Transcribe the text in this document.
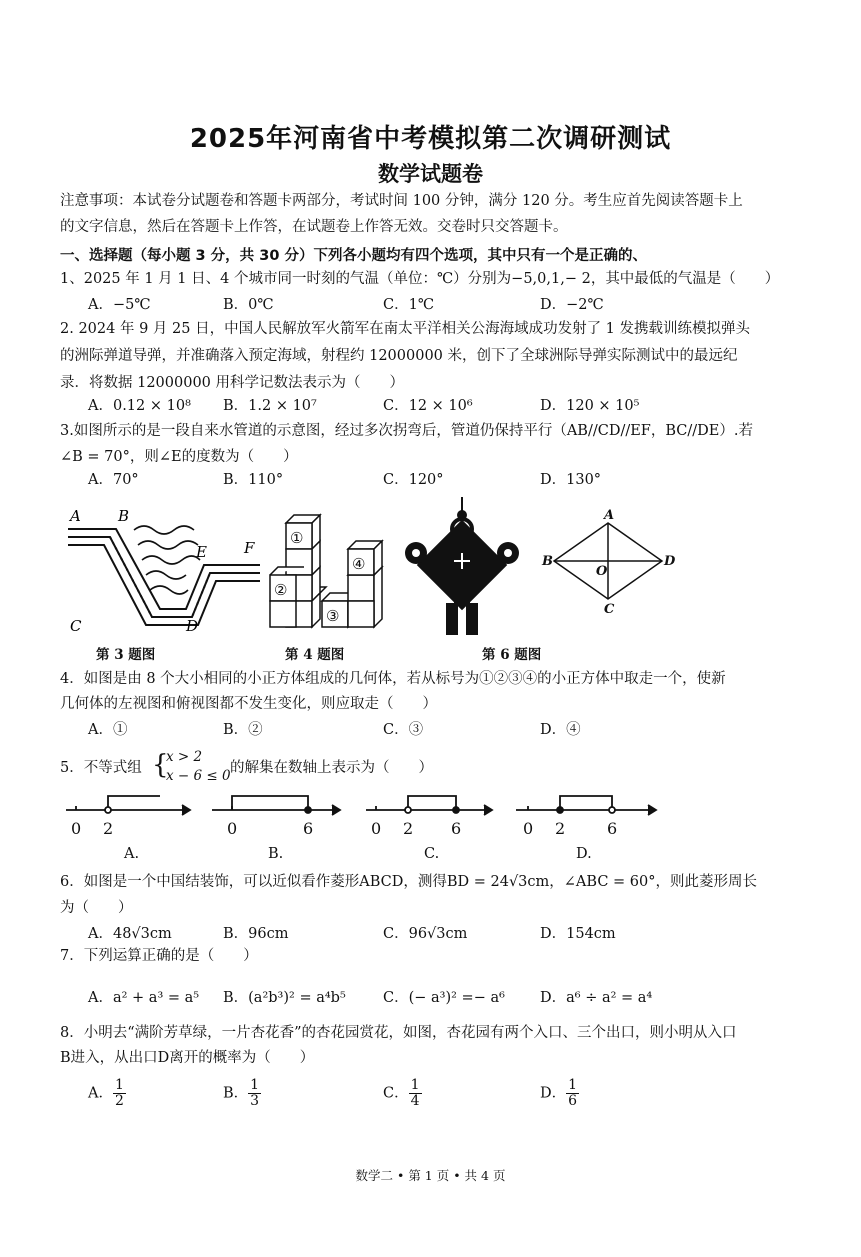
2025年河南省中考模拟第二次调研测试
数学试题卷
注意事项：本试卷分试题卷和答题卡两部分，考试时间 100 分钟，满分 120 分。考生应首先阅读答题卡上
的文字信息，然后在答题卡上作答，在试题卷上作答无效。交卷时只交答题卡。
一、选择题（每小题 3 分，共 30 分）下列各小题均有四个选项，其中只有一个是正确的、
1、2025 年 1 月 1 日、4 个城市同一时刻的气温（单位：℃）分别为−5,0,1,− 2，其中最低的气温是（　　）
A．−5℃	B．0℃	C．1℃	D．−2℃
2. 2024 年 9 月 25 日，中国人民解放军火箭军在南太平洋相关公海海域成功发射了 1 发携载训练模拟弹头
的洲际弹道导弹，并准确落入预定海域，射程约 12000000 米，创下了全球洲际导弹实际测试中的最远纪
录．将数据 12000000 用科学记数法表示为（　　）
A．0.12 × 10⁸ B．1.2 × 10⁷	C．12 × 10⁶	D．120 × 10⁵
3.如图所示的是一段自来水管道的示意图，经过多次拐弯后，管道仍保持平行（AB//CD//EF，BC//DE）.若
∠B = 70°，则∠E的度数为（　　）
A．70°	B．110°	C．120°	D．130°
A B
E F
C	D
①
②
③
④
A
B
O
D
C
第 3 题图	第 4 题图	第 6 题图
4．如图是由 8 个大小相同的小正方体组成的几何体，若从标号为①②③④的小正方体中取走一个，使新
几何体的左视图和俯视图都不发生变化，则应取走（　　）
A．①	B．②	C．③	D．④
5．不等式组 {
x > 2
x − 6 ≤ 0 的解集在数轴上表示为（　　）
0 2	0	6	0 2 6	0 2	6
A.	B.	C.	D.
6．如图是一个中国结装饰，可以近似看作菱形ABCD，测得BD = 24√3cm，∠ABC = 60°，则此菱形周长
为（　　）
A．48√3cm	B．96cm	C．96√3cm	D．154cm
7．下列运算正确的是（　　）
A．a² + a³ = a⁵ B．(a²b³)² = a⁴b⁵	C．(− a³)² =− a⁶ D．a⁶ ÷ a² = a⁴
8．小明去“满阶芳草绿，一片杏花香”的杏花园赏花，如图，杏花园有两个入口、三个出口，则小明从入口
B进入，从出口D离开的概率为（　　）
A． $\frac{1}{2}$	B． $\frac{1}{3}$	C． $\frac{1}{4}$	D． $\frac{1}{6}$
数学二 • 第 1 页 • 共 4 页
